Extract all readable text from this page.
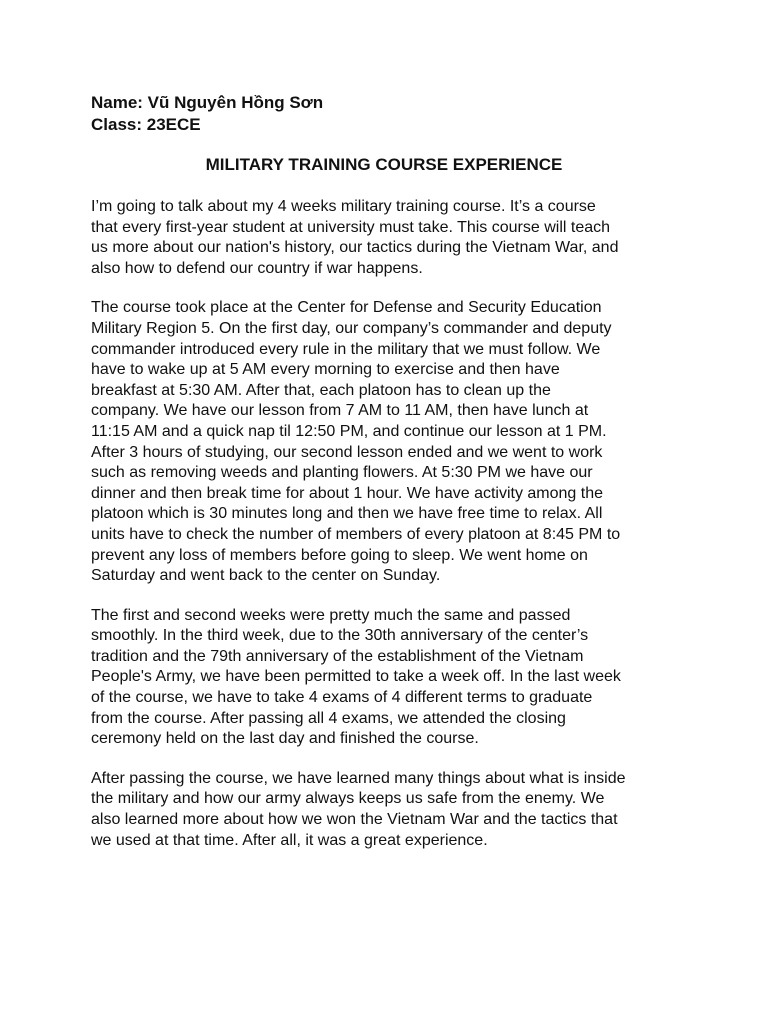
Name: Vũ Nguyên Hồng Sơn

Class: 23ECE

MILITARY TRAINING COURSE EXPERIENCE

I’m going to talk about my 4 weeks military training course. It’s a course
that every first-year student at university must take. This course will teach
us more about our nation's history, our tactics during the Vietnam War, and
also how to defend our country if war happens.

The course took place at the Center for Defense and Security Education
Military Region 5. On the first day, our company’s commander and deputy
commander introduced every rule in the military that we must follow. We
have to wake up at 5 AM every morning to exercise and then have
breakfast at 5:30 AM. After that, each platoon has to clean up the
company. We have our lesson from 7 AM to 11 AM, then have lunch at
11:15 AM and a quick nap til 12:50 PM, and continue our lesson at 1 PM.
After 3 hours of studying, our second lesson ended and we went to work
such as removing weeds and planting flowers. At 5:30 PM we have our
dinner and then break time for about 1 hour. We have activity among the
platoon which is 30 minutes long and then we have free time to relax. All
units have to check the number of members of every platoon at 8:45 PM to
prevent any loss of members before going to sleep. We went home on
Saturday and went back to the center on Sunday.

The first and second weeks were pretty much the same and passed
smoothly. In the third week, due to the 30th anniversary of the center’s
tradition and the 79th anniversary of the establishment of the Vietnam
People's Army, we have been permitted to take a week off. In the last week
of the course, we have to take 4 exams of 4 different terms to graduate
from the course. After passing all 4 exams, we attended the closing
ceremony held on the last day and finished the course.

After passing the course, we have learned many things about what is inside
the military and how our army always keeps us safe from the enemy. We
also learned more about how we won the Vietnam War and the tactics that
we used at that time. After all, it was a great experience.
